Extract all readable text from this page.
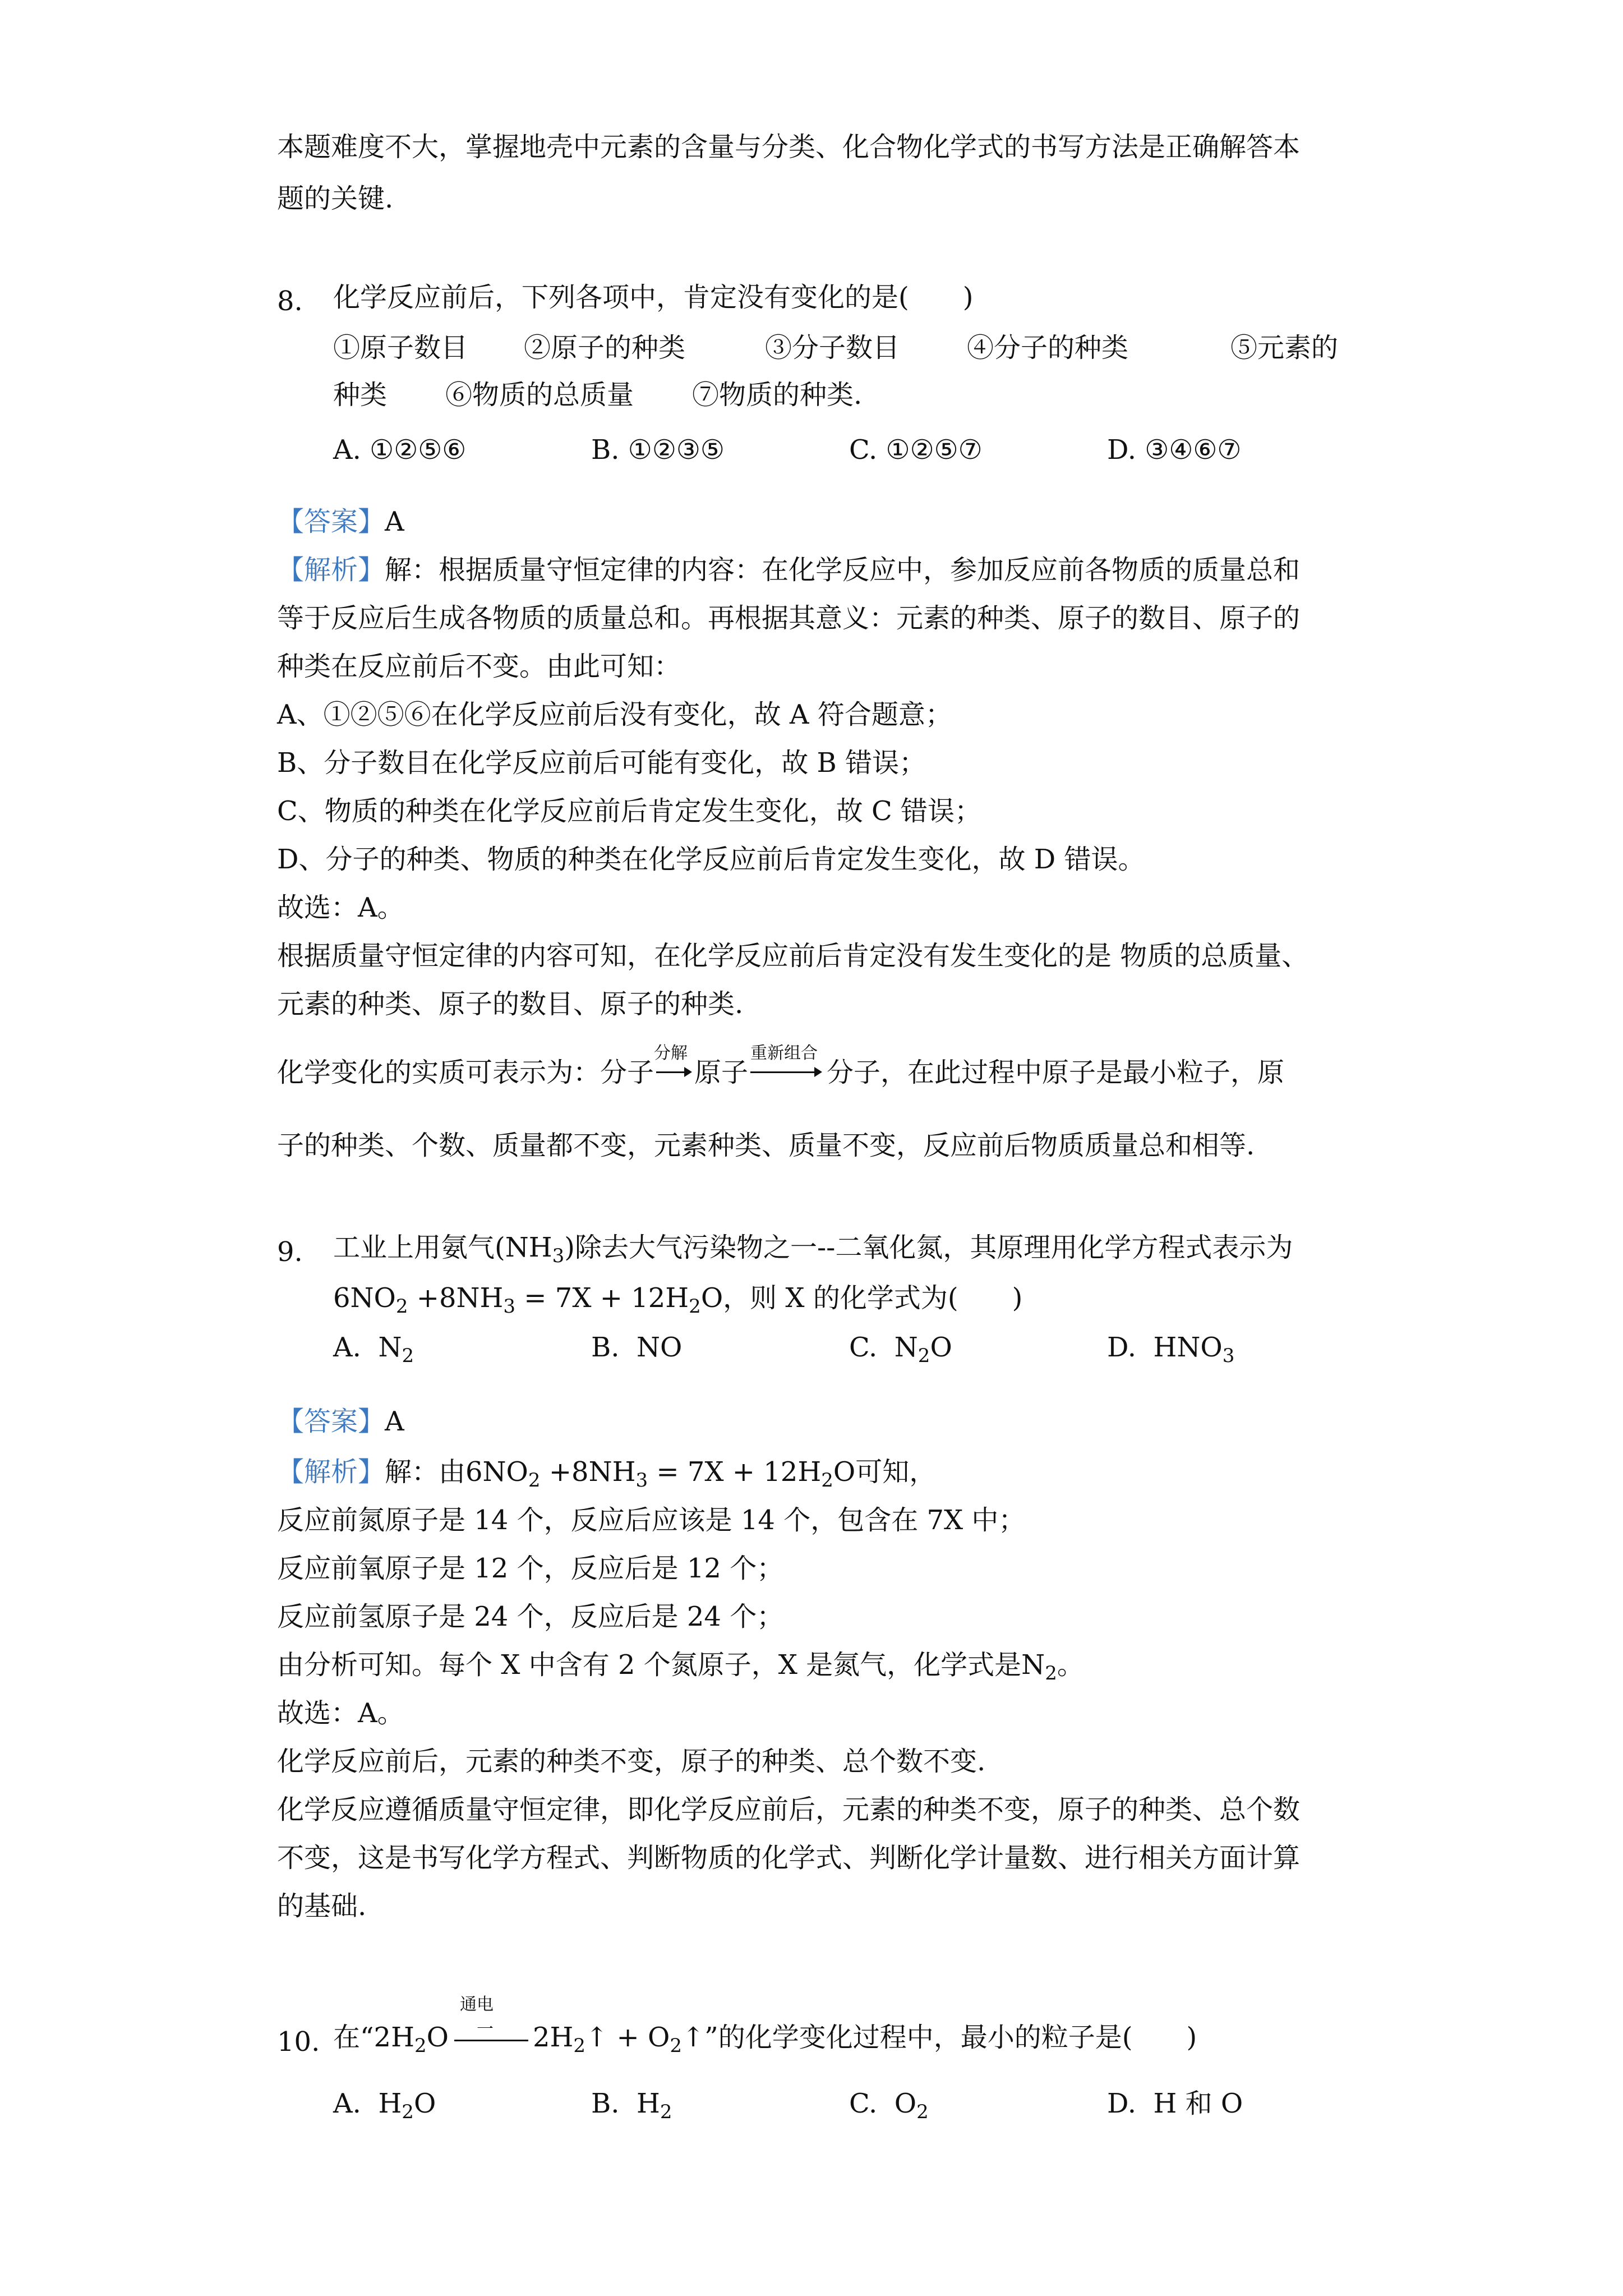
本题难度不大，掌握地壳中元素的含量与分类、化合物化学式的书写方法是正确解答本

题的关键.

8. 化学反应前后，下列各项中，肯定没有变化的是(　　)

①原子数目 ②原子的种类	③分子数目 ④分子的种类	⑤元素的
种类 ⑥物质的总质量 ⑦物质的种类.
A. ①②⑤⑥	B. ①②③⑤	C. ①②⑤⑦	D. ③④⑥⑦

【答案】A

【解析】解：根据质量守恒定律的内容：在化学反应中，参加反应前各物质的质量总和

等于反应后生成各物质的质量总和。再根据其意义：元素的种类、原子的数目、原子的

种类在反应前后不变。由此可知：

A、①②⑤⑥在化学反应前后没有变化，故 A 符合题意；

B、分子数目在化学反应前后可能有变化，故 B 错误；

C、物质的种类在化学反应前后肯定发生变化，故 C 错误；

D、分子的种类、物质的种类在化学反应前后肯定发生变化，故 D 错误。

故选：A。

根据质量守恒定律的内容可知，在化学反应前后肯定没有发生变化的是 物质的总质量、

元素的种类、原子的数目、原子的种类.

化学变化的实质可表示为：分子
分解
原子
重新组合
分子，在此过程中原子是最小粒子，原

子的种类、个数、质量都不变，元素种类、质量不变，反应前后物质质量总和相等.

9. 工业上用氨气$(NH_3)$除去大气污染物之一--二氧化氮，其原理用化学方程式表示为

$6NO_2 +8NH_3 = 7X + 12H_2O$，则 X 的化学式为(　　)

A. $N_2$	B. NO	C. $N_2O$	D. $HNO_3$

【答案】A

【解析】解：由$6NO_2 +8NH_3 = 7X + 12H_2O$可知，

反应前氮原子是 14 个，反应后应该是 14 个，包含在 7X 中；

反应前氧原子是 12 个，反应后是 12 个；

反应前氢原子是 24 个，反应后是 24 个；

由分析可知。每个 X 中含有 2 个氮原子，X 是氮气，化学式是$N_2$。

故选：A。

化学反应前后，元素的种类不变，原子的种类、总个数不变.

化学反应遵循质量守恒定律，即化学反应前后，元素的种类不变，原子的种类、总个数

不变，这是书写化学方程式、判断物质的化学式、判断化学计量数、进行相关方面计算

的基础.

10. 在“$2H_2O$
通电
一 $2H_2↑$ + $O_2↑$”的化学变化过程中，最小的粒子是(　　)

A. $H_2O$	B. $H_2$	C. $O_2$	D. H 和 O
